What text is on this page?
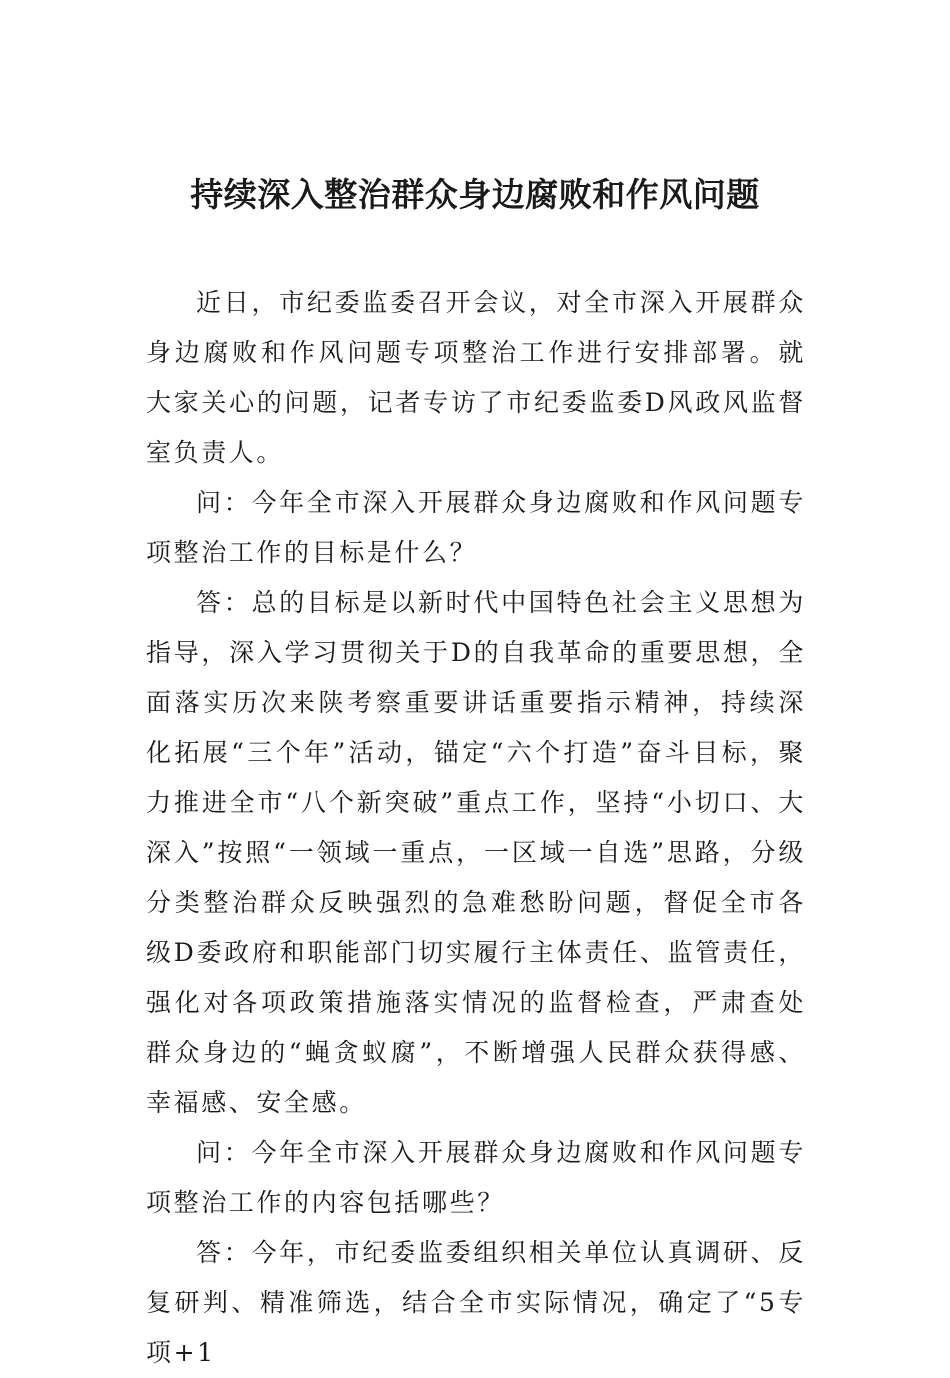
持续深入整治群众身边腐败和作风问题

近日，市纪委监委召开会议，对全市深入开展群众身边腐败和作风问题专项整治工作进行安排部署。就大家关心的问题，记者专访了市纪委监委D风政风监督室负责人。

问：今年全市深入开展群众身边腐败和作风问题专项整治工作的目标是什么？

答：总的目标是以新时代中国特色社会主义思想为指导，深入学习贯彻关于D的自我革命的重要思想，全面落实历次来陕考察重要讲话重要指示精神，持续深化拓展“三个年”活动，锚定“六个打造”奋斗目标，聚力推进全市“八个新突破”重点工作，坚持“小切口、大深入”按照“一领域一重点，一区域一自选”思路，分级分类整治群众反映强烈的急难愁盼问题，督促全市各级D委政府和职能部门切实履行主体责任、监管责任，强化对各项政策措施落实情况的监督检查，严肃查处群众身边的“蝇贪蚁腐”，不断增强人民群众获得感、幸福感、安全感。

问：今年全市深入开展群众身边腐败和作风问题专项整治工作的内容包括哪些？

答：今年，市纪委监委组织相关单位认真调研、反复研判、精准筛选，结合全市实际情况，确定了“5专项+1
